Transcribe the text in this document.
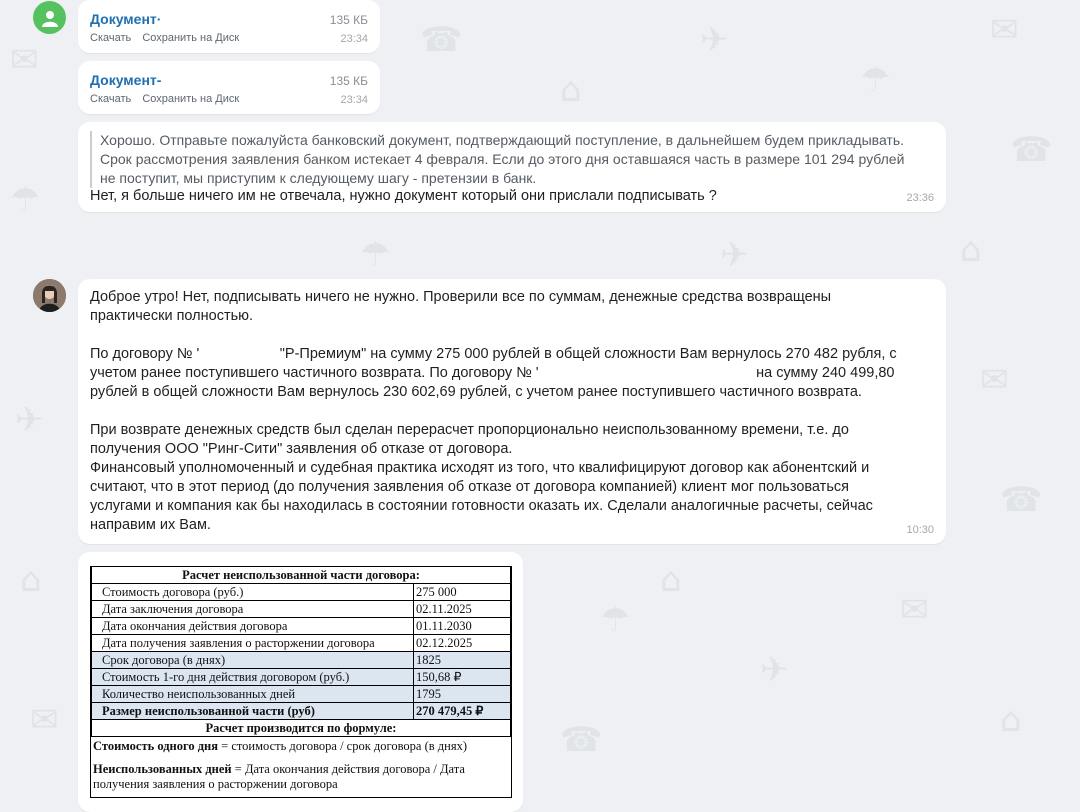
✉	☎
⌂
✈
☂
✉
☎
⌂
☂
✈
✉
☎
⌂
☂
✈
✉
☎	⌂
✉
☂	✈
⌂
Документ·	135 КБ
Скачать Сохранить на Диск	23:34
Документ-	135 КБ
Скачать Сохранить на Диск	23:34
Хорошо. Отправьте пожалуйста банковский документ, подтверждающий поступление, в дальнейшем будем прикладывать.
Срок рассмотрения заявления банком истекает 4 февраля. Если до этого дня оставшаяся часть в размере 101 294 рублей
не поступит, мы приступим к следующему шагу - претензии в банк.
Нет, я больше ничего им не отвечала, нужно документ который они прислали подписывать ?	23:36

Доброе утро! Нет, подписывать ничего не нужно. Проверили все по суммам, денежные средства возвращены

практически полностью.

По договору № '                    "Р-Премиум" на сумму 275 000 рублей в общей сложности Вам вернулось 270 482 рубля, с

учетом ранее поступившего частичного возврата. По договору № '                                                      на сумму 240 499,80

рублей в общей сложности Вам вернулось 230 602,69 рублей, с учетом ранее поступившего частичного возврата.

При возврате денежных средств был сделан перерасчет пропорционально неиспользованному времени, т.е. до

получения ООО "Ринг-Сити" заявления об отказе от договора.

Финансовый уполномоченный и судебная практика исходят из того, что квалифицируют договор как абонентский и

считают, что в этот период (до получения заявления об отказе от договора компанией) клиент мог пользоваться

услугами и компания как бы находилась в состоянии готовности оказать их. Сделали аналогичные расчеты, сейчас

направим их Вам.	10:30
Расчет неиспользованной части договора:	
Стоимость договора (руб.)	275 000
Дата заключения договора	02.11.2025
Дата окончания действия договора	01.11.2030
Дата получения заявления о расторжении договора	02.12.2025
Срок договора (в днях)	1825
Стоимость 1-го дня действия договором (руб.)	150,68 ₽
Количество неиспользованных дней	1795
Размер неиспользованной части (руб)	270 479,45 ₽
Расчет производится по формуле:	

Стоимость одного дня = стоимость договора / срок договора (в днях)

Неиспользованных дней = Дата окончания действия договора / Дата получения заявления о расторжении договора
